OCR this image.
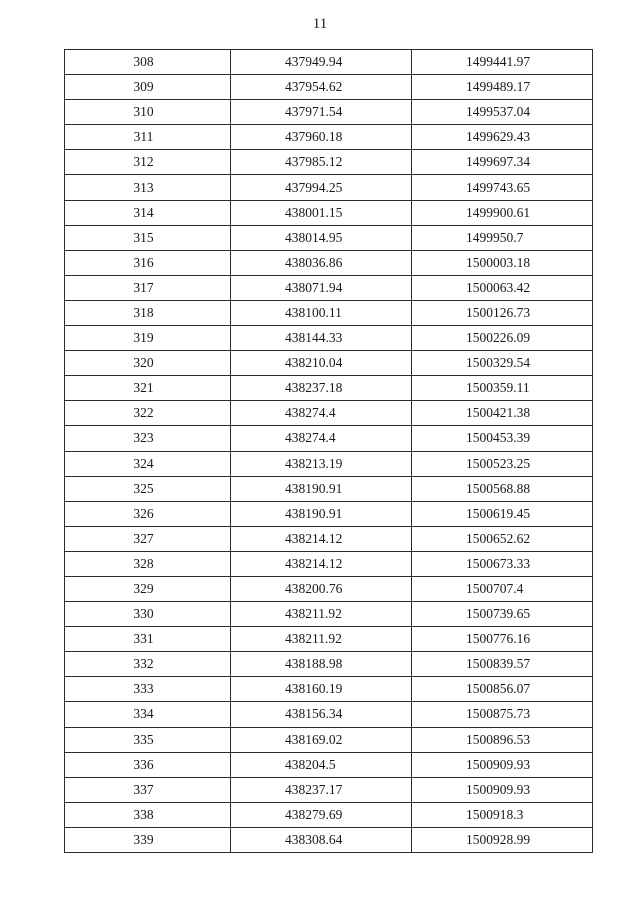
11
308	437949.94	1499441.97
309	437954.62	1499489.17
310	437971.54	1499537.04
311	437960.18	1499629.43
312	437985.12	1499697.34
313	437994.25	1499743.65
314	438001.15	1499900.61
315	438014.95	1499950.7
316	438036.86	1500003.18
317	438071.94	1500063.42
318	438100.11	1500126.73
319	438144.33	1500226.09
320	438210.04	1500329.54
321	438237.18	1500359.11
322	438274.4	1500421.38
323	438274.4	1500453.39
324	438213.19	1500523.25
325	438190.91	1500568.88
326	438190.91	1500619.45
327	438214.12	1500652.62
328	438214.12	1500673.33
329	438200.76	1500707.4
330	438211.92	1500739.65
331	438211.92	1500776.16
332	438188.98	1500839.57
333	438160.19	1500856.07
334	438156.34	1500875.73
335	438169.02	1500896.53
336	438204.5	1500909.93
337	438237.17	1500909.93
338	438279.69	1500918.3
339	438308.64	1500928.99
